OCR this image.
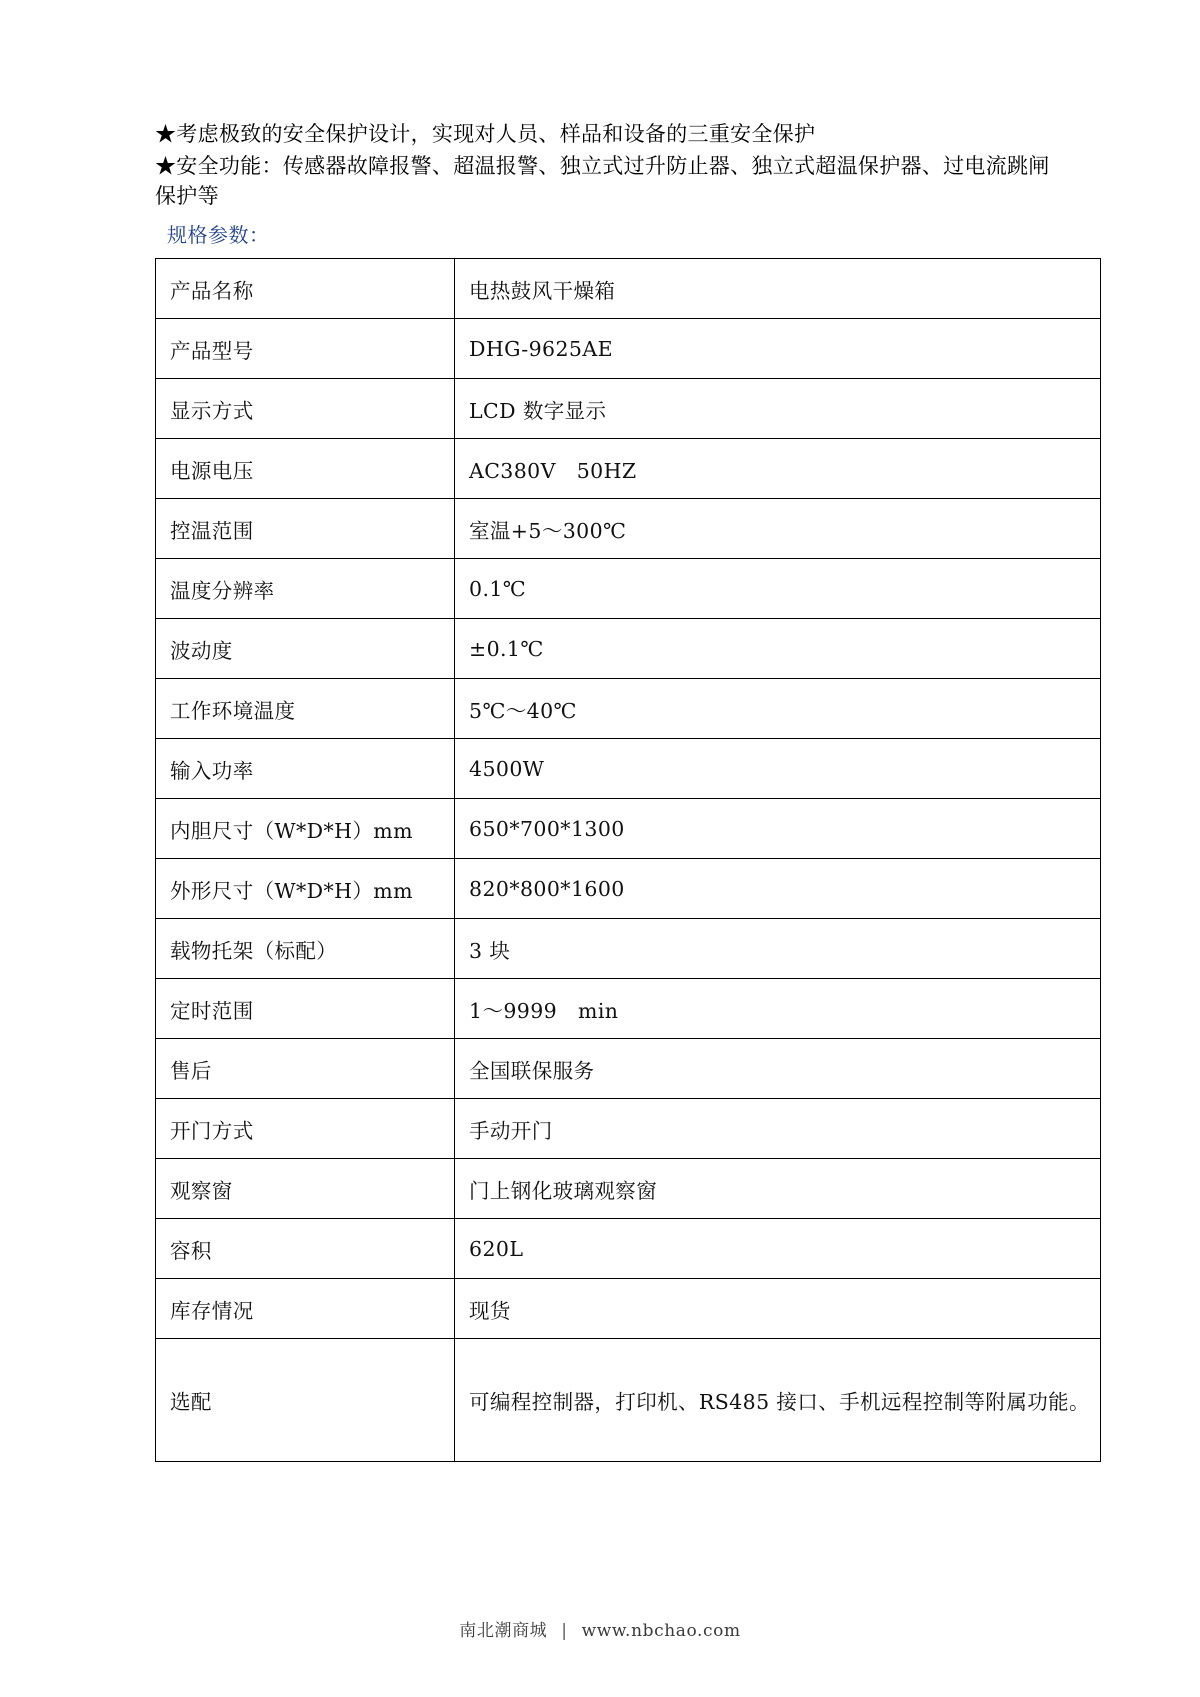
★考虑极致的安全保护设计，实现对人员、样品和设备的三重安全保护

★安全功能：传感器故障报警、超温报警、独立式过升防止器、独立式超温保护器、过电流跳闸保护等

规格参数：
产品名称	电热鼓风干燥箱
产品型号	DHG-9625AE
显示方式	LCD 数字显示
电源电压	AC380V　50HZ
控温范围	室温+5～300℃
温度分辨率	0.1℃
波动度	±0.1℃
工作环境温度	5℃～40℃
输入功率	4500W
内胆尺寸（W*D*H）mm	650*700*1300
外形尺寸（W*D*H）mm	820*800*1600
载物托架（标配）	3 块
定时范围	1～9999　min
售后	全国联保服务
开门方式	手动开门
观察窗	门上钢化玻璃观察窗
容积	620L
库存情况	现货
选配	可编程控制器，打印机、RS485 接口、手机远程控制等附属功能。
南北潮商城 | www.nbchao.com
